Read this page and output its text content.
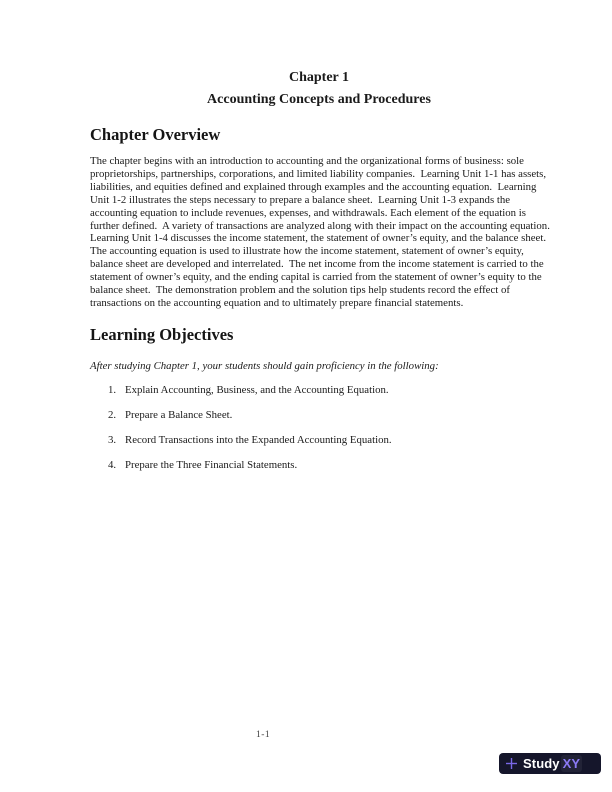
Chapter 1
Accounting Concepts and Procedures
Chapter Overview

The chapter begins with an introduction to accounting and the organizational forms of business: sole proprietorships, partnerships, corporations, and limited liability companies.  Learning Unit 1-1 has assets, liabilities, and equities defined and explained through examples and the accounting equation.  Learning Unit 1-2 illustrates the steps necessary to prepare a balance sheet.  Learning Unit 1-3 expands the accounting equation to include revenues, expenses, and withdrawals. Each element of the equation is further defined.  A variety of transactions are analyzed along with their impact on the accounting equation.  Learning Unit 1-4 discusses the income statement, the statement of owner’s equity, and the balance sheet.   The accounting equation is used to illustrate how the income statement, statement of owner’s equity, balance sheet are developed and interrelated.  The net income from the income statement is carried to the statement of owner’s equity, and the ending capital is carried from the statement of owner’s equity to the balance sheet.  The demonstration problem and the solution tips help students record the effect of transactions on the accounting equation and to ultimately prepare financial statements.

Learning Objectives

After studying Chapter 1, your students should gain proficiency in the following:

1. Explain Accounting, Business, and the Accounting Equation.
2. Prepare a Balance Sheet.
3. Record Transactions into the Expanded Accounting Equation.
4. Prepare the Three Financial Statements.
1-1
Study XY
